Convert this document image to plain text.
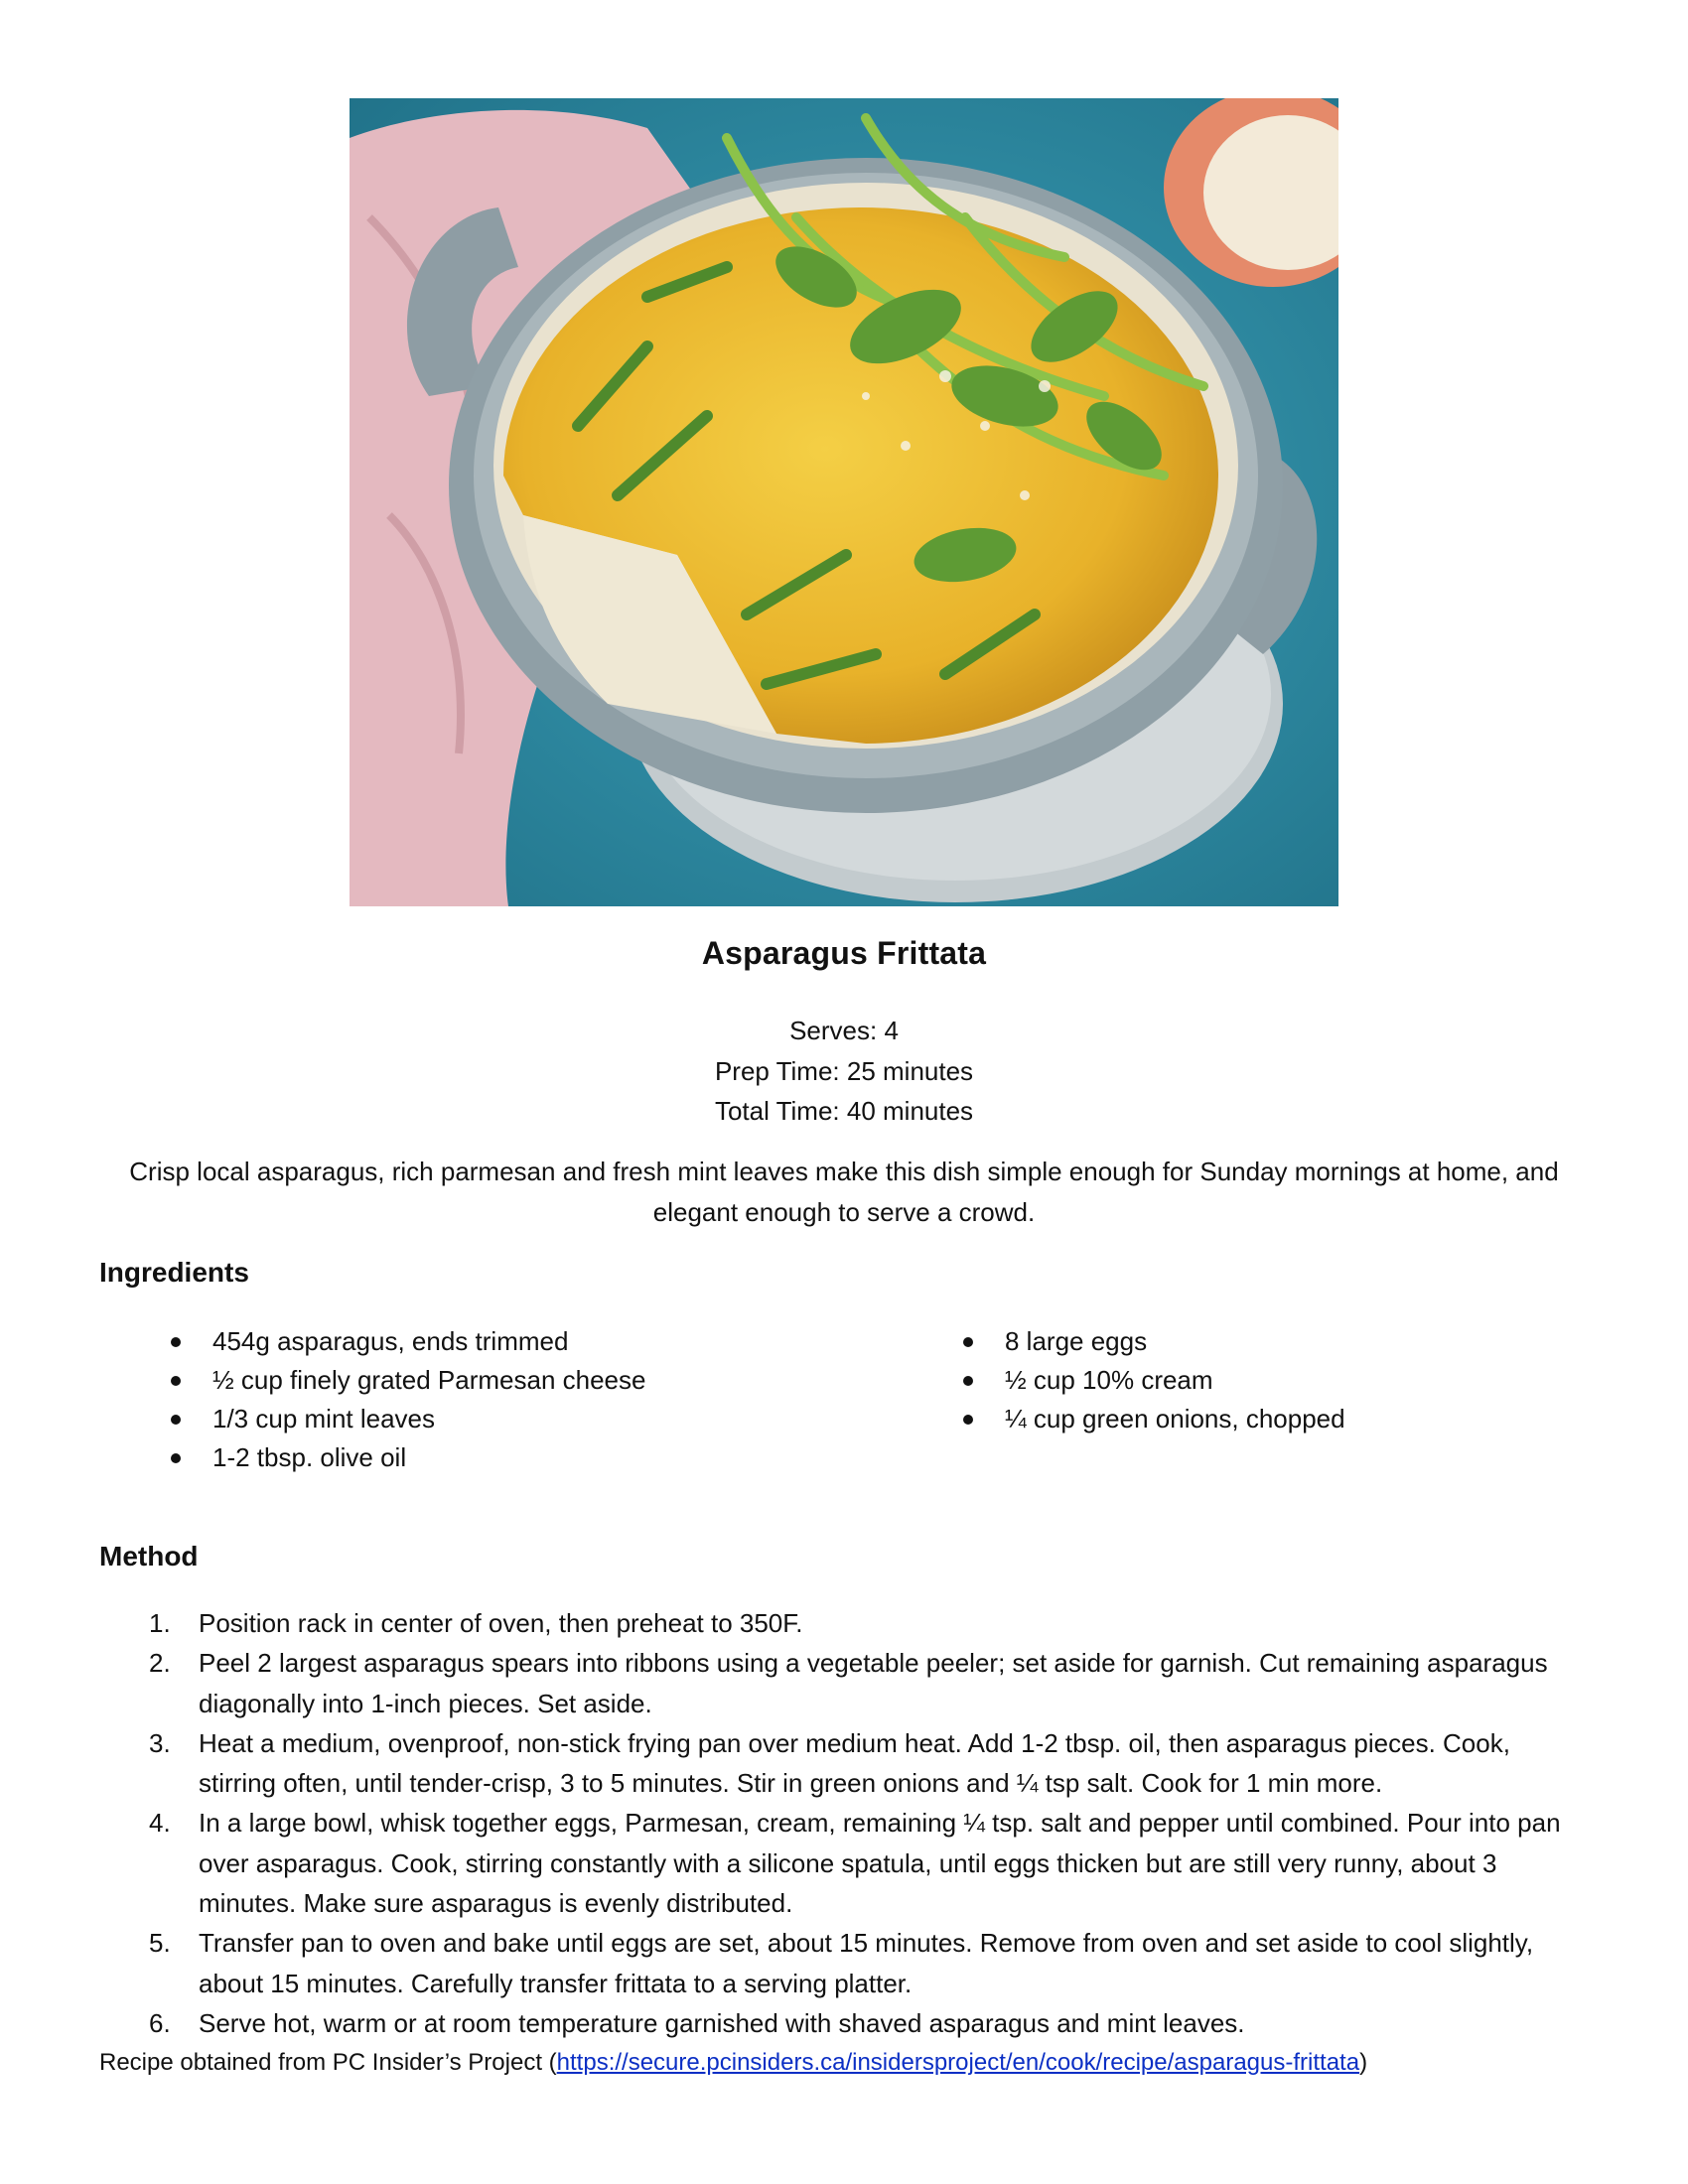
Asparagus Frittata
Serves: 4
Prep Time: 25 minutes
Total Time: 40 minutes
Crisp local asparagus, rich parmesan and fresh mint leaves make this dish simple enough for Sunday mornings at home, and elegant enough to serve a crowd.
Ingredients
454g asparagus, ends trimmed
½ cup finely grated Parmesan cheese
1/3 cup mint leaves
1-2 tbsp. olive oil
8 large eggs
½ cup 10% cream
¼ cup green onions, chopped
Method
1. Position rack in center of oven, then preheat to 350F.
2. Peel 2 largest asparagus spears into ribbons using a vegetable peeler; set aside for garnish. Cut remaining asparagus diagonally into 1-inch pieces. Set aside.
3. Heat a medium, ovenproof, non-stick frying pan over medium heat. Add 1-2 tbsp. oil, then asparagus pieces. Cook, stirring often, until tender-crisp, 3 to 5 minutes. Stir in green onions and ¼ tsp salt. Cook for 1 min more.
4. In a large bowl, whisk together eggs, Parmesan, cream, remaining ¼ tsp. salt and pepper until combined. Pour into pan over asparagus. Cook, stirring constantly with a silicone spatula, until eggs thicken but are still very runny, about 3 minutes. Make sure asparagus is evenly distributed.
5. Transfer pan to oven and bake until eggs are set, about 15 minutes. Remove from oven and set aside to cool slightly, about 15 minutes. Carefully transfer frittata to a serving platter.
6. Serve hot, warm or at room temperature garnished with shaved asparagus and mint leaves.
Recipe obtained from PC Insider’s Project (https://secure.pcinsiders.ca/insidersproject/en/cook/recipe/asparagus-frittata)
